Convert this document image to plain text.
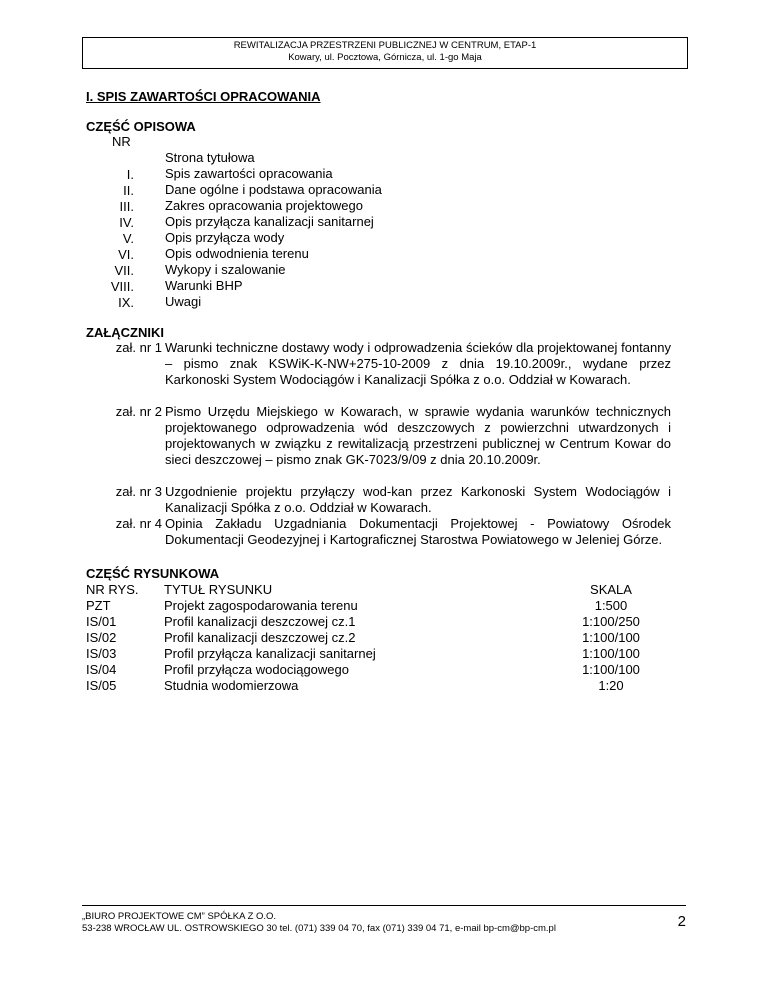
REWITALIZACJA PRZESTRZENI PUBLICZNEJ W CENTRUM, ETAP-1
Kowary, ul. Pocztowa, Górnicza, ul. 1-go Maja
I. SPIS ZAWARTOŚCI OPRACOWANIA
CZĘŚĆ OPISOWA
NR
Strona tytułowa
I. Spis zawartości opracowania
II. Dane ogólne i podstawa opracowania
III. Zakres opracowania projektowego
IV. Opis przyłącza kanalizacji sanitarnej
V. Opis przyłącza wody
VI. Opis odwodnienia terenu
VII. Wykopy i szalowanie
VIII. Warunki BHP
IX. Uwagi
ZAŁĄCZNIKI
zał. nr 1 Warunki techniczne dostawy wody i odprowadzenia ścieków dla projektowanej fontanny – pismo znak KSWiK-K-NW+275-10-2009 z dnia 19.10.2009r., wydane przez Karkonoski System Wodociągów i Kanalizacji Spółka z o.o. Oddział w Kowarach.
zał. nr 2 Pismo Urzędu Miejskiego w Kowarach, w sprawie wydania warunków technicznych projektowanego odprowadzenia wód deszczowych z powierzchni utwardzonych i projektowanych w związku z rewitalizacją przestrzeni publicznej w Centrum Kowar do sieci deszczowej – pismo znak GK-7023/9/09 z dnia 20.10.2009r.
zał. nr 3 Uzgodnienie projektu przyłączy wod-kan przez Karkonoski System Wodociągów i Kanalizacji Spółka z o.o. Oddział w Kowarach.
zał. nr 4 Opinia Zakładu Uzgadniania Dokumentacji Projektowej - Powiatowy Ośrodek Dokumentacji Geodezyjnej i Kartograficznej Starostwa Powiatowego w Jeleniej Górze.
CZĘŚĆ RYSUNKOWA
NR RYS. TYTUŁ RYSUNKU	SKALA
PZT	Projekt zagospodarowania terenu	1:500
IS/01	Profil kanalizacji deszczowej cz.1	1:100/250
IS/02	Profil kanalizacji deszczowej cz.2	1:100/100
IS/03	Profil przyłącza kanalizacji sanitarnej	1:100/100
IS/04	Profil przyłącza wodociągowego	1:100/100
IS/05	Studnia wodomierzowa	1:20
„BIURO PROJEKTOWE CM” SPÓŁKA Z O.O.
53-238 WROCŁAW UL. OSTROWSKIEGO 30 tel. (071) 339 04 70, fax (071) 339 04 71, e-mail bp-cm@bp-cm.pl	2
